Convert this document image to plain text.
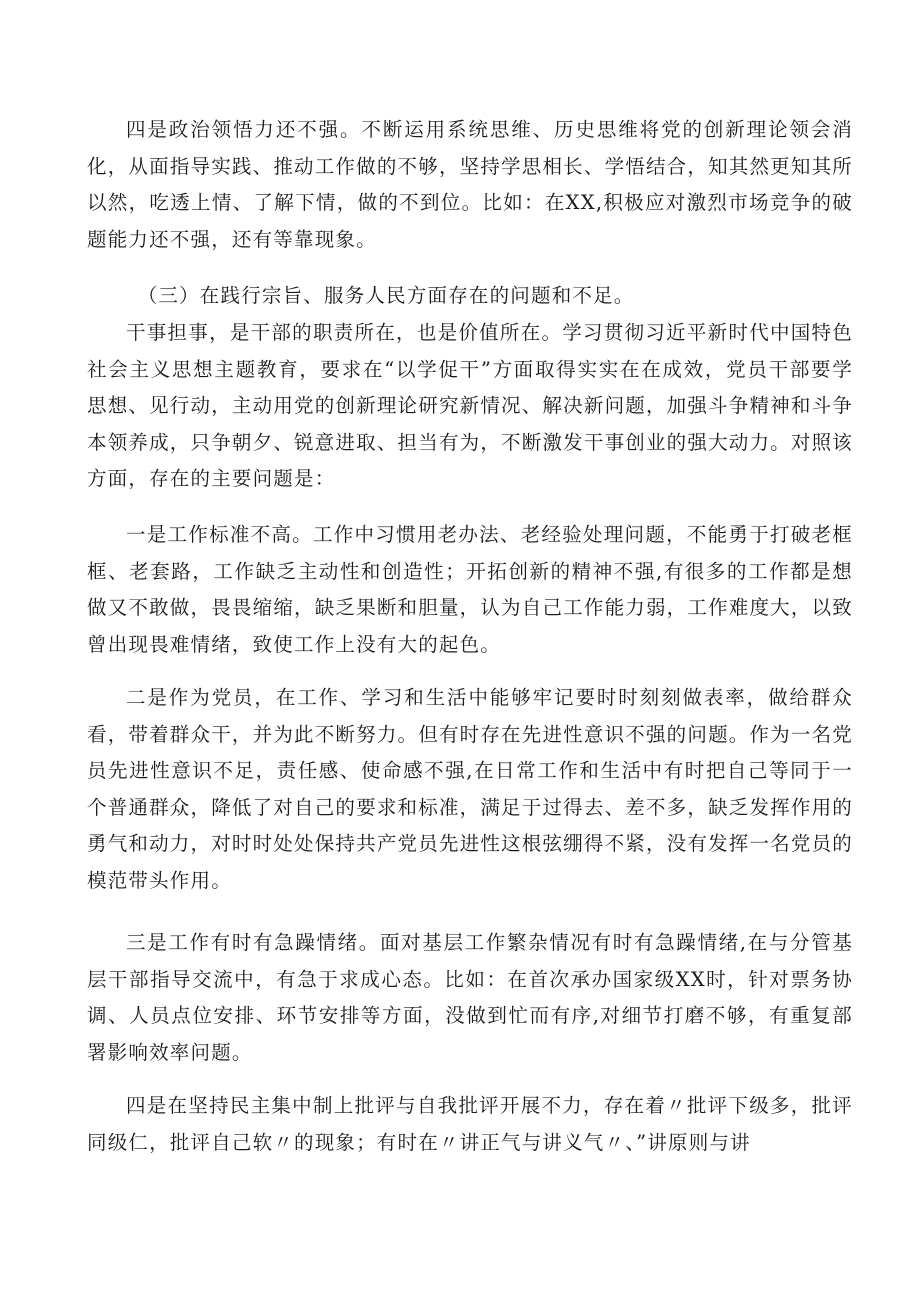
四是政治领悟力还不强。不断运用系统思维、历史思维将党的创新理论领会消化，从面指导实践、推动工作做的不够，坚持学思相长、学悟结合，知其然更知其所以然，吃透上情、了解下情，做的不到位。比如：在XX,积极应对激烈市场竞争的破题能力还不强，还有等靠现象。

（三）在践行宗旨、服务人民方面存在的问题和不足。

干事担事，是干部的职责所在，也是价值所在。学习贯彻习近平新时代中国特色社会主义思想主题教育，要求在“以学促干”方面取得实实在在成效，党员干部要学思想、见行动，主动用党的创新理论研究新情况、解决新问题，加强斗争精神和斗争本领养成，只争朝夕、锐意进取、担当有为，不断激发干事创业的强大动力。对照该方面，存在的主要问题是：

一是工作标准不高。工作中习惯用老办法、老经验处理问题，不能勇于打破老框框、老套路，工作缺乏主动性和创造性；开拓创新的精神不强,有很多的工作都是想做又不敢做，畏畏缩缩，缺乏果断和胆量，认为自己工作能力弱，工作难度大，以致曾出现畏难情绪，致使工作上没有大的起色。

二是作为党员，在工作、学习和生活中能够牢记要时时刻刻做表率，做给群众看，带着群众干，并为此不断努力。但有时存在先进性意识不强的问题。作为一名党员先进性意识不足，责任感、使命感不强,在日常工作和生活中有时把自己等同于一个普通群众，降低了对自己的要求和标准，满足于过得去、差不多，缺乏发挥作用的勇气和动力，对时时处处保持共产党员先进性这根弦绷得不紧，没有发挥一名党员的模范带头作用。

三是工作有时有急躁情绪。面对基层工作繁杂情况有时有急躁情绪,在与分管基层干部指导交流中，有急于求成心态。比如：在首次承办国家级XX时，针对票务协调、人员点位安排、环节安排等方面，没做到忙而有序,对细节打磨不够，有重复部署影响效率问题。

四是在坚持民主集中制上批评与自我批评开展不力，存在着〃批评下级多，批评同级仁，批评自己软〃的现象；有时在〃讲正气与讲义气〃、”讲原则与讲
